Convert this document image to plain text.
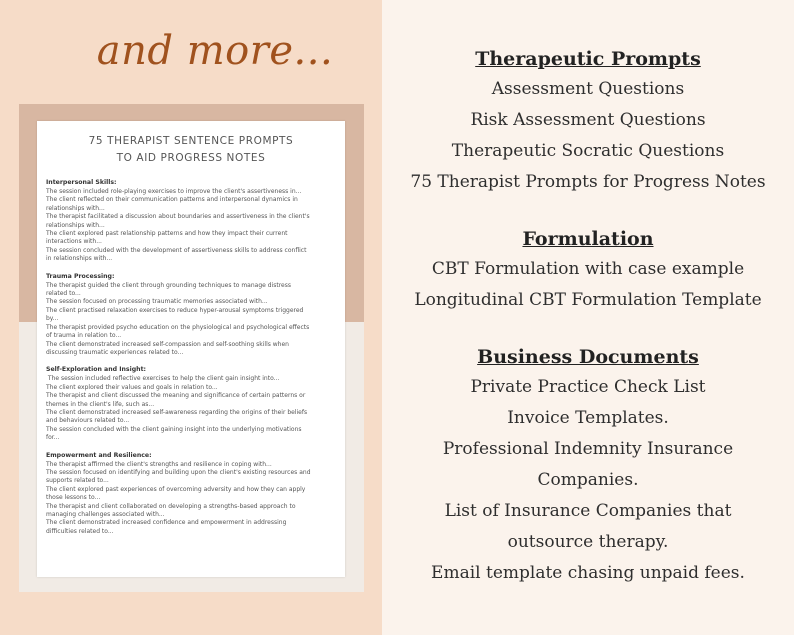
and more...
75 THERAPIST SENTENCE PROMPTS
TO AID PROGRESS NOTES
Interpersonal Skills:
The session included role-playing exercises to improve the client's assertiveness in...
The client reflected on their communication patterns and interpersonal dynamics in
relationships with...
The therapist facilitated a discussion about boundaries and assertiveness in the client's
relationships with...
The client explored past relationship patterns and how they impact their current
interactions with...
The session concluded with the development of assertiveness skills to address conflict
in relationships with...
Trauma Processing:
The therapist guided the client through grounding techniques to manage distress
related to...
The session focused on processing traumatic memories associated with...
The client practised relaxation exercises to reduce hyper-arousal symptoms triggered
by...
The therapist provided psycho education on the physiological and psychological effects
of trauma in relation to...
The client demonstrated increased self-compassion and self-soothing skills when
discussing traumatic experiences related to...
Self-Exploration and Insight:
The session included reflective exercises to help the client gain insight into...
The client explored their values and goals in relation to...
The therapist and client discussed the meaning and significance of certain patterns or
themes in the client's life, such as...
The client demonstrated increased self-awareness regarding the origins of their beliefs
and behaviours related to...
The session concluded with the client gaining insight into the underlying motivations
for...
Empowerment and Resilience:
The therapist affirmed the client's strengths and resilience in coping with...
The session focused on identifying and building upon the client's existing resources and
supports related to...
The client explored past experiences of overcoming adversity and how they can apply
those lessons to...
The therapist and client collaborated on developing a strengths-based approach to
managing challenges associated with...
The client demonstrated increased confidence and empowerment in addressing
difficulties related to...
Therapeutic Prompts
Assessment Questions
Risk Assessment Questions
Therapeutic Socratic Questions
75 Therapist Prompts for Progress Notes
Formulation
CBT Formulation with case example
Longitudinal CBT Formulation Template
Business Documents
Private Practice Check List
Invoice Templates.
Professional Indemnity Insurance
Companies.
List of Insurance Companies that
outsource therapy.
Email template chasing unpaid fees.
